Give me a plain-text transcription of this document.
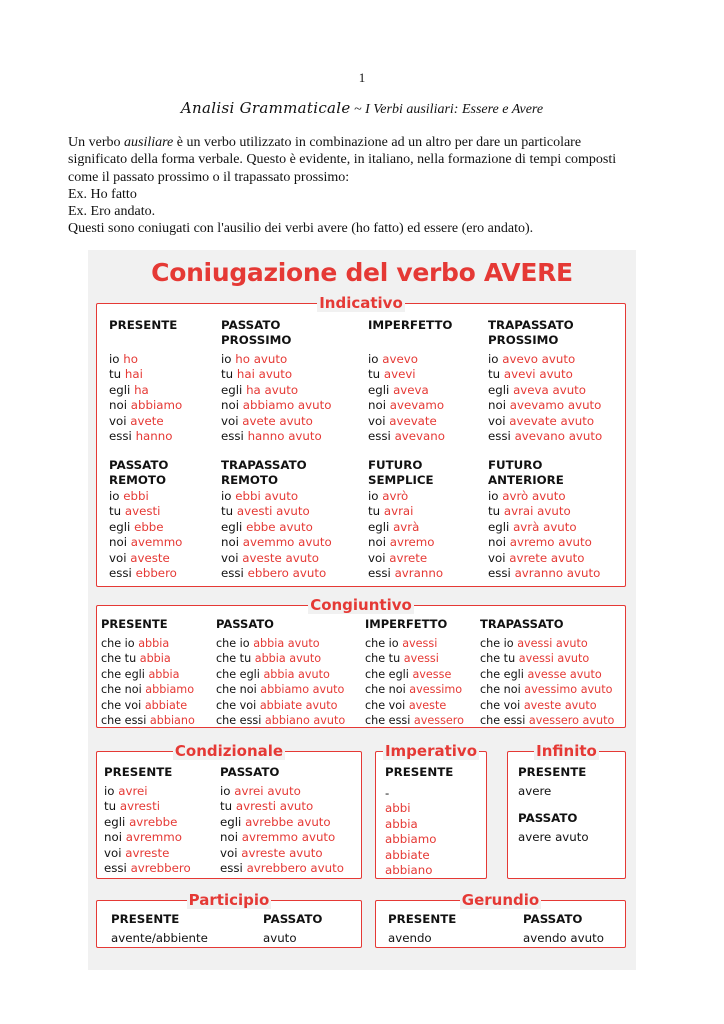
1
Analisi Grammaticale ~ I Verbi ausiliari: Essere e Avere

Un verbo ausiliare è un verbo utilizzato in combinazione ad un altro per dare un particolare

significato della forma verbale. Questo è evidente, in italiano, nella formazione di tempi composti

come il passato prossimo o il trapassato prossimo:

Ex. Ho fatto

Ex. Ero andato.

Questi sono coniugati con l'ausilio dei verbi avere (ho fatto) ed essere (ero andato).

Coniugazione del verbo AVERE
Indicativo
PRESENTE
io ho
tu hai
egli ha
noi abbiamo
voi avete
essi hanno
PASSATO
PROSSIMO
io ho avuto
tu hai avuto
egli ha avuto
noi abbiamo avuto
voi avete avuto
essi hanno avuto
IMPERFETTO
io avevo
tu avevi
egli aveva
noi avevamo
voi avevate
essi avevano
TRAPASSATO
PROSSIMO
io avevo avuto
tu avevi avuto
egli aveva avuto
noi avevamo avuto
voi avevate avuto
essi avevano avuto
PASSATO
REMOTO
io ebbi
tu avesti
egli ebbe
noi avemmo
voi aveste
essi ebbero
TRAPASSATO
REMOTO
io ebbi avuto
tu avesti avuto
egli ebbe avuto
noi avemmo avuto
voi aveste avuto
essi ebbero avuto
FUTURO
SEMPLICE
io avrò
tu avrai
egli avrà
noi avremo
voi avrete
essi avranno
FUTURO
ANTERIORE
io avrò avuto
tu avrai avuto
egli avrà avuto
noi avremo avuto
voi avrete avuto
essi avranno avuto
Congiuntivo
PRESENTE
che io abbia
che tu abbia
che egli abbia
che noi abbiamo
che voi abbiate
che essi abbiano
PASSATO
che io abbia avuto
che tu abbia avuto
che egli abbia avuto
che noi abbiamo avuto
che voi abbiate avuto
che essi abbiano avuto
IMPERFETTO
che io avessi
che tu avessi
che egli avesse
che noi avessimo
che voi aveste
che essi avessero
TRAPASSATO
che io avessi avuto
che tu avessi avuto
che egli avesse avuto
che noi avessimo avuto
che voi aveste avuto
che essi avessero avuto
Condizionale
PRESENTE
io avrei
tu avresti
egli avrebbe
noi avremmo
voi avreste
essi avrebbero
PASSATO
io avrei avuto
tu avresti avuto
egli avrebbe avuto
noi avremmo avuto
voi avreste avuto
essi avrebbero avuto
Imperativo
PRESENTE
-
abbi
abbia
abbiamo
abbiate
abbiano
Infinito
PRESENTE
avere
PASSATO
avere avuto
Participio
PRESENTE
avente/abbiente
PASSATO
avuto
Gerundio
PRESENTE
avendo
PASSATO
avendo avuto
